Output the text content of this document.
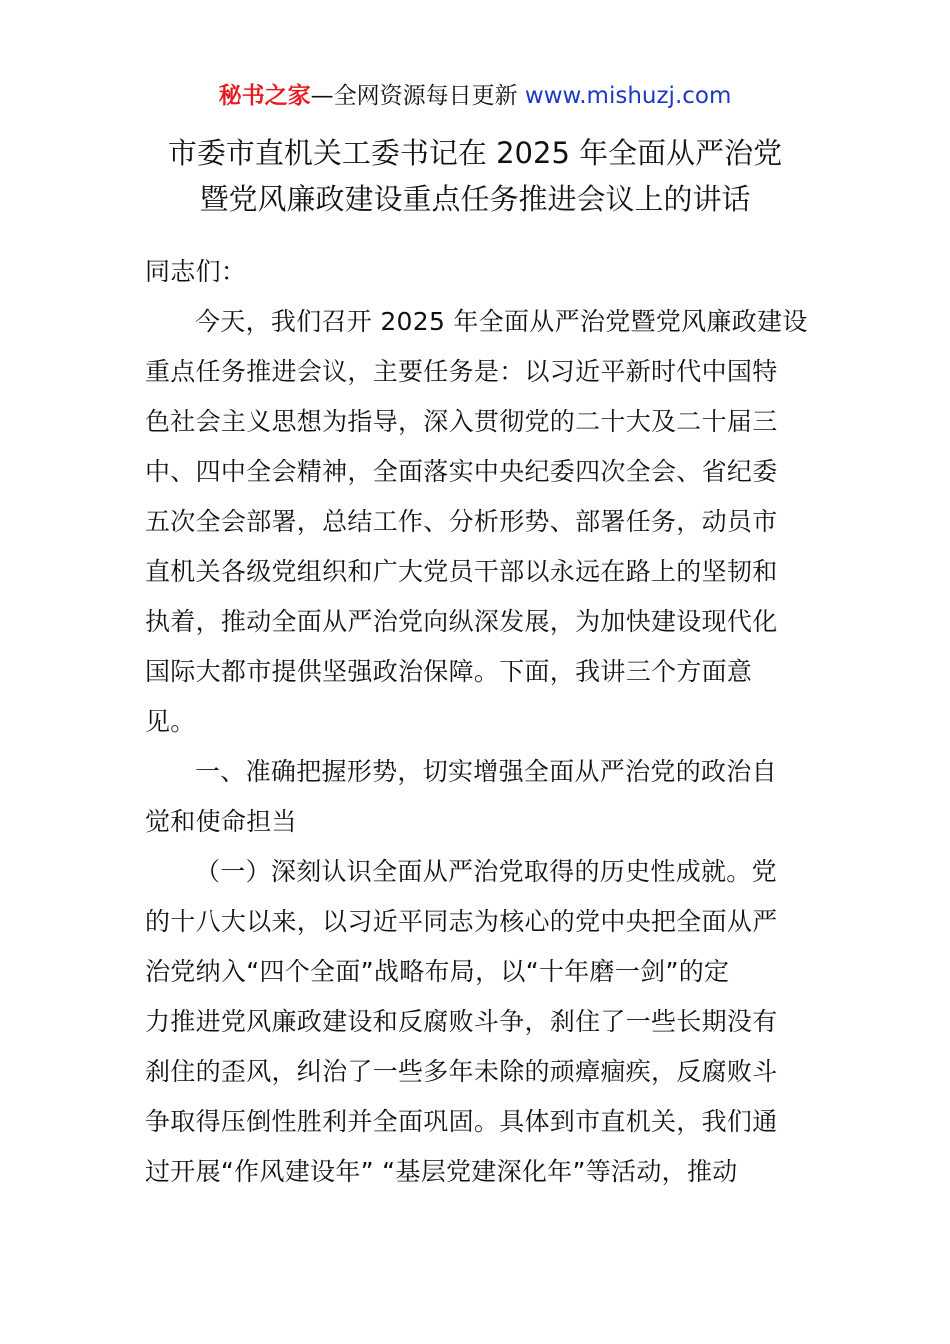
秘书之家—全网资源每日更新 www.mishuzj.com
市委市直机关工委书记在 2025 年全面从严治党
暨党风廉政建设重点任务推进会议上的讲话
同志们：
今天，我们召开 2025 年全面从严治党暨党风廉政建设
重点任务推进会议，主要任务是：以习近平新时代中国特
色社会主义思想为指导，深入贯彻党的二十大及二十届三
中、四中全会精神，全面落实中央纪委四次全会、省纪委
五次全会部署，总结工作、分析形势、部署任务，动员市
直机关各级党组织和广大党员干部以永远在路上的坚韧和
执着，推动全面从严治党向纵深发展，为加快建设现代化
国际大都市提供坚强政治保障。下面，我讲三个方面意
见。
一、准确把握形势，切实增强全面从严治党的政治自
觉和使命担当
（一）深刻认识全面从严治党取得的历史性成就。党
的十八大以来，以习近平同志为核心的党中央把全面从严
治党纳入“四个全面”战略布局，以“十年磨一剑”的定
力推进党风廉政建设和反腐败斗争，刹住了一些长期没有
刹住的歪风，纠治了一些多年未除的顽瘴痼疾，反腐败斗
争取得压倒性胜利并全面巩固。具体到市直机关，我们通
过开展“作风建设年” “基层党建深化年”等活动，推动
